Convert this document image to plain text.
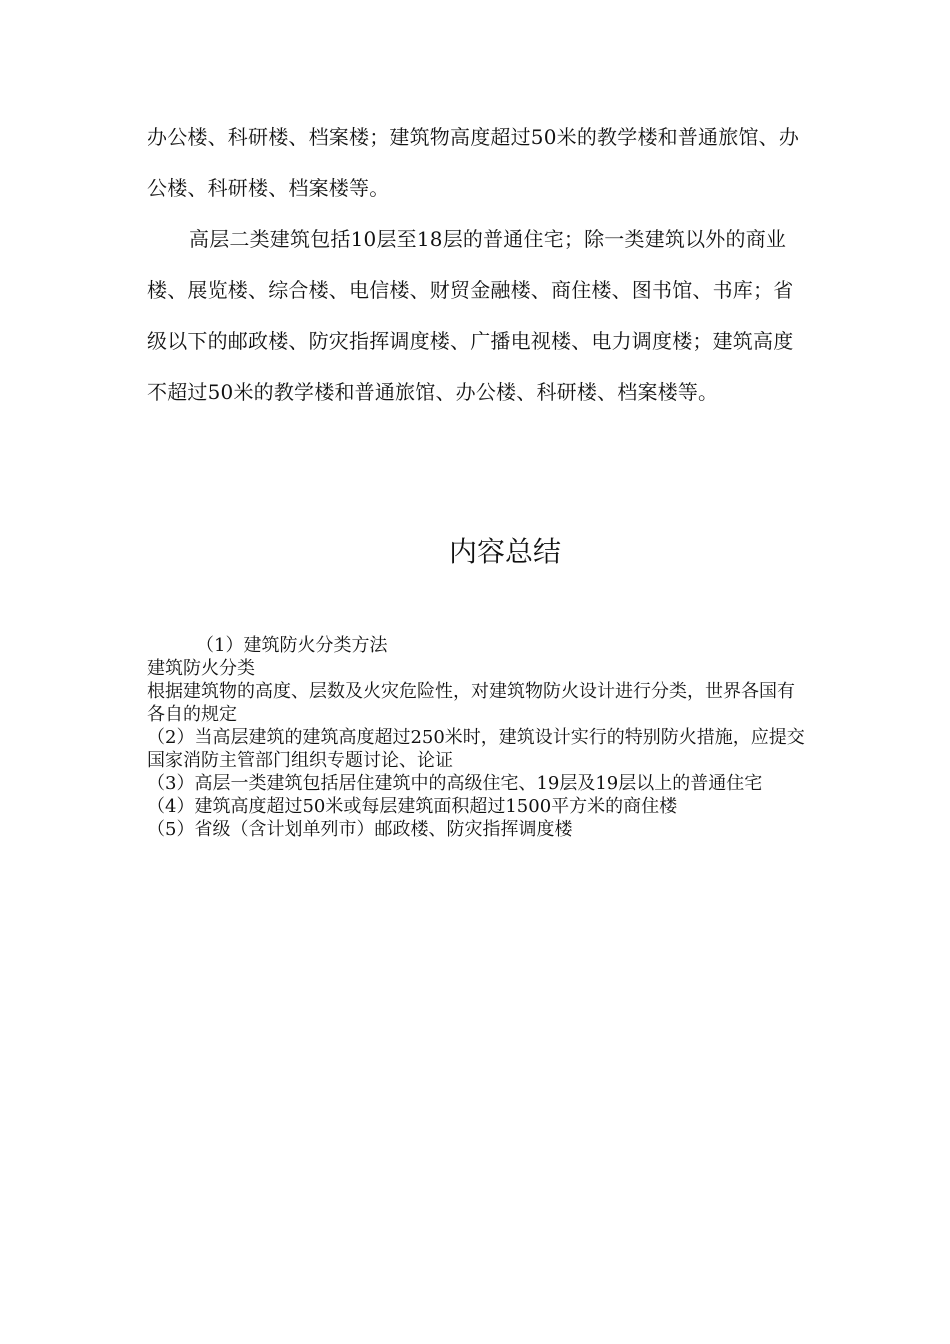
办公楼、科研楼、档案楼；建筑物高度超过50米的教学楼和普通旅馆、办公楼、科研楼、档案楼等。

高层二类建筑包括10层至18层的普通住宅；除一类建筑以外的商业楼、展览楼、综合楼、电信楼、财贸金融楼、商住楼、图书馆、书库；省级以下的邮政楼、防灾指挥调度楼、广播电视楼、电力调度楼；建筑高度不超过50米的教学楼和普通旅馆、办公楼、科研楼、档案楼等。

内容总结
（1）建筑防火分类方法
建筑防火分类
根据建筑物的高度、层数及火灾危险性，对建筑物防火设计进行分类，世界各国有各自的规定
（2）当高层建筑的建筑高度超过250米时，建筑设计实行的特别防火措施，应提交国家消防主管部门组织专题讨论、论证
（3）高层一类建筑包括居住建筑中的高级住宅、19层及19层以上的普通住宅
（4）建筑高度超过50米或每层建筑面积超过1500平方米的商住楼
（5）省级（含计划单列市）邮政楼、防灾指挥调度楼
